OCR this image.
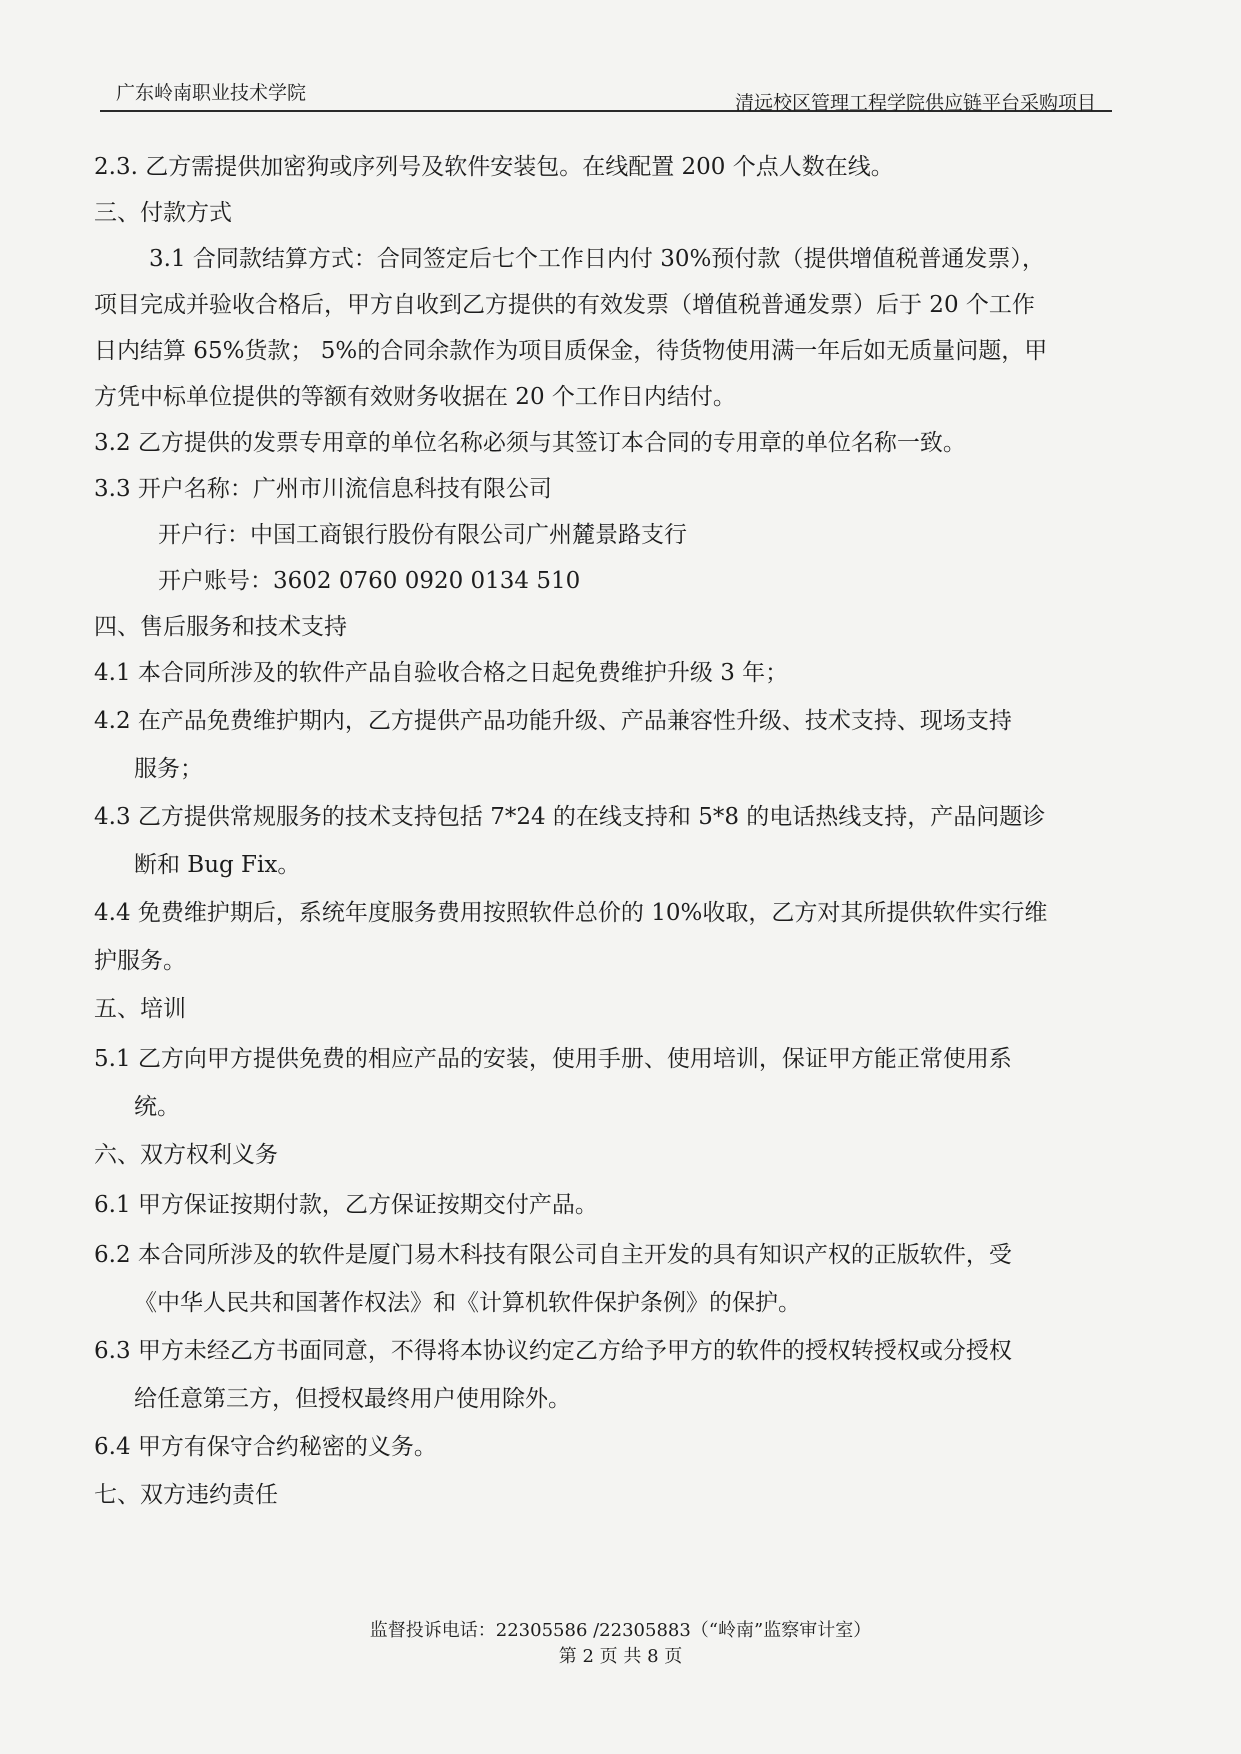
广东岭南职业技术学院	清远校区管理工程学院供应链平台采购项目
2.3. 乙方需提供加密狗或序列号及软件安装包。在线配置 200 个点人数在线。
三、付款方式
3.1 合同款结算方式：合同签定后七个工作日内付 30%预付款（提供增值税普通发票），
项目完成并验收合格后，甲方自收到乙方提供的有效发票（增值税普通发票）后于 20 个工作
日内结算 65%货款； 5%的合同余款作为项目质保金，待货物使用满一年后如无质量问题，甲
方凭中标单位提供的等额有效财务收据在 20 个工作日内结付。
3.2 乙方提供的发票专用章的单位名称必须与其签订本合同的专用章的单位名称一致。
3.3 开户名称：广州市川流信息科技有限公司
开户行：中国工商银行股份有限公司广州麓景路支行
开户账号：3602 0760 0920 0134 510
四、售后服务和技术支持
4.1 本合同所涉及的软件产品自验收合格之日起免费维护升级 3 年；
4.2 在产品免费维护期内，乙方提供产品功能升级、产品兼容性升级、技术支持、现场支持
服务；
4.3 乙方提供常规服务的技术支持包括 7*24 的在线支持和 5*8 的电话热线支持，产品问题诊
断和 Bug Fix。
4.4 免费维护期后，系统年度服务费用按照软件总价的 10%收取，乙方对其所提供软件实行维
护服务。
五、培训
5.1 乙方向甲方提供免费的相应产品的安装，使用手册、使用培训，保证甲方能正常使用系
统。
六、双方权利义务
6.1 甲方保证按期付款，乙方保证按期交付产品。
6.2 本合同所涉及的软件是厦门易木科技有限公司自主开发的具有知识产权的正版软件，受
《中华人民共和国著作权法》和《计算机软件保护条例》的保护。
6.3 甲方未经乙方书面同意，不得将本协议约定乙方给予甲方的软件的授权转授权或分授权
给任意第三方，但授权最终用户使用除外。
6.4 甲方有保守合约秘密的义务。
七、双方违约责任
监督投诉电话：22305586 /22305883（“岭南”监察审计室）
第 2 页 共 8 页
